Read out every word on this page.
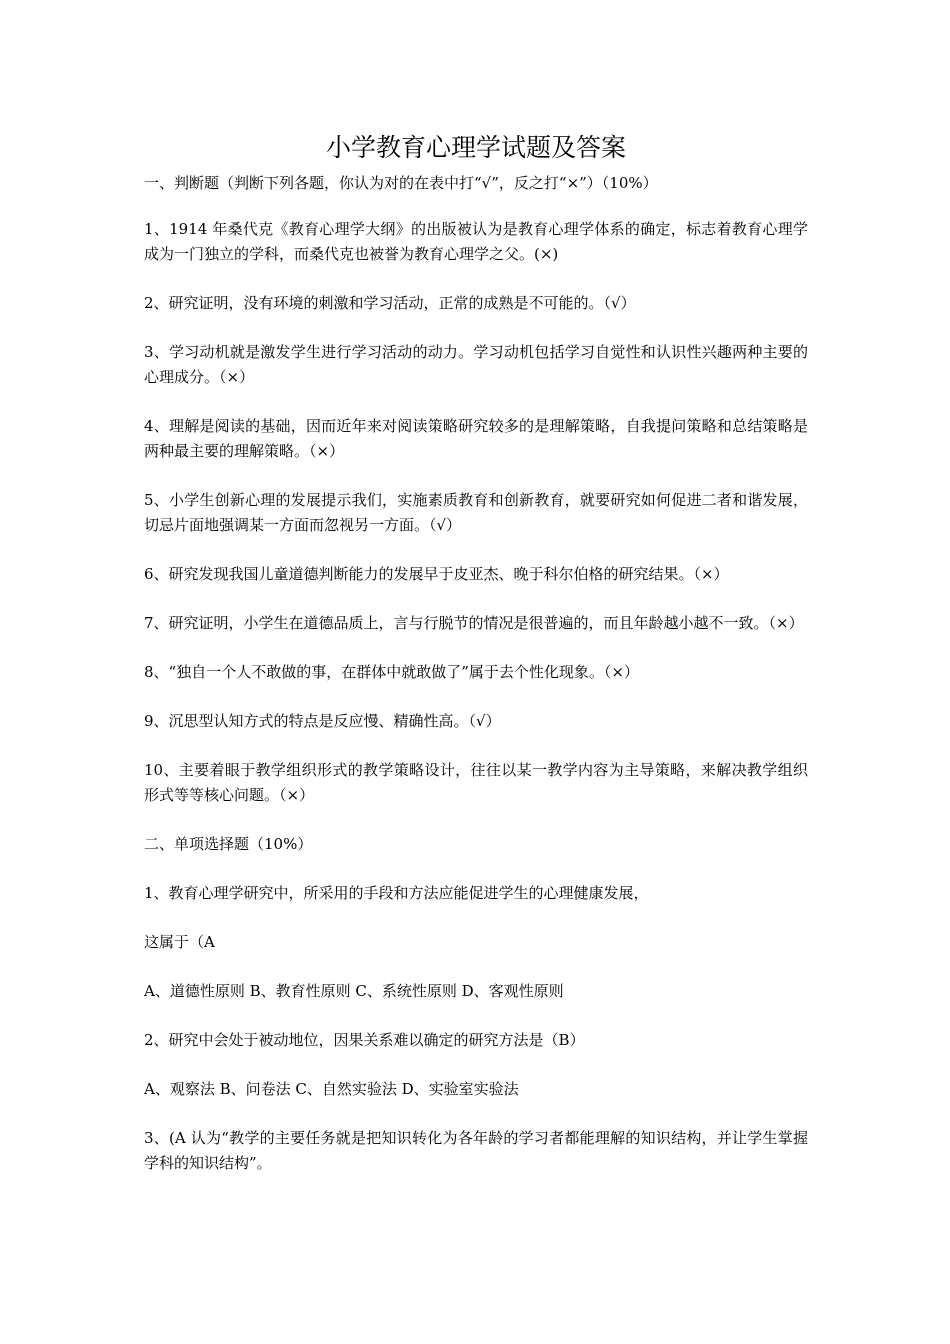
小学教育心理学试题及答案
一、判断题（判断下列各题，你认为对的在表中打“√”，反之打“×”）（10%）

1、1914 年桑代克《教育心理学大纲》的出版被认为是教育心理学体系的确定，标志着教育心理学成为一门独立的学科，而桑代克也被誉为教育心理学之父。(×)

2、研究证明，没有环境的刺激和学习活动，正常的成熟是不可能的。（√）

3、学习动机就是激发学生进行学习活动的动力。学习动机包括学习自觉性和认识性兴趣两种主要的心理成分。（×）

4、理解是阅读的基础，因而近年来对阅读策略研究较多的是理解策略，自我提问策略和总结策略是两种最主要的理解策略。（×）

5、小学生创新心理的发展提示我们，实施素质教育和创新教育，就要研究如何促进二者和谐发展，切忌片面地强调某一方面而忽视另一方面。（√）

6、研究发现我国儿童道德判断能力的发展早于皮亚杰、晚于科尔伯格的研究结果。（×）

7、研究证明，小学生在道德品质上，言与行脱节的情况是很普遍的，而且年龄越小越不一致。（×）

8、“独自一个人不敢做的事，在群体中就敢做了”属于去个性化现象。（×）

9、沉思型认知方式的特点是反应慢、精确性高。（√）

10、主要着眼于教学组织形式的教学策略设计，往往以某一教学内容为主导策略，来解决教学组织形式等等核心问题。（×）

二、单项选择题（10%）

1、教育心理学研究中，所采用的手段和方法应能促进学生的心理健康发展，

这属于（A

A、道德性原则 B、教育性原则 C、系统性原则 D、客观性原则

2、研究中会处于被动地位，因果关系难以确定的研究方法是（B）

A、观察法 B、问卷法 C、自然实验法 D、实验室实验法

3、(A 认为“教学的主要任务就是把知识转化为各年龄的学习者都能理解的知识结构，并让学生掌握学科的知识结构”。
